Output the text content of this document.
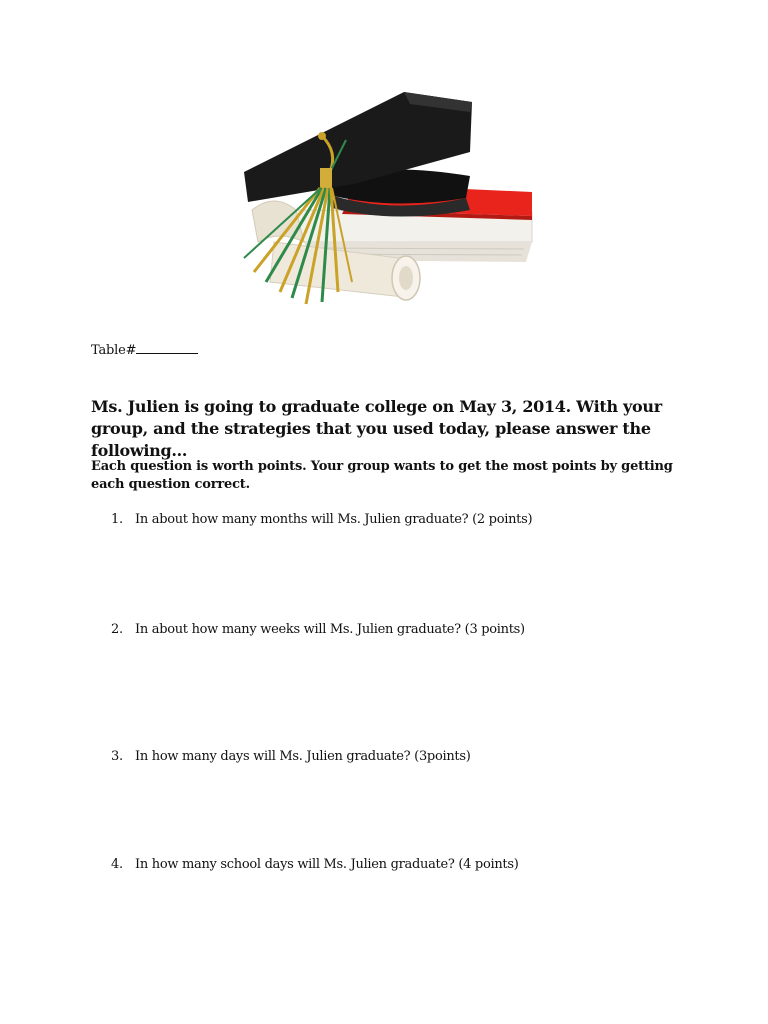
Table#
Ms. Julien is going to graduate college on May 3, 2014. With your group, and the strategies that you used today, please answer the following…
Each question is worth points. Your group wants to get the most points by getting each question correct.
1. In about how many months will Ms. Julien graduate? (2 points)
2. In about how many weeks will Ms. Julien graduate? (3 points)
3. In how many days will Ms. Julien graduate? (3points)
4. In how many school days will Ms. Julien graduate? (4 points)
